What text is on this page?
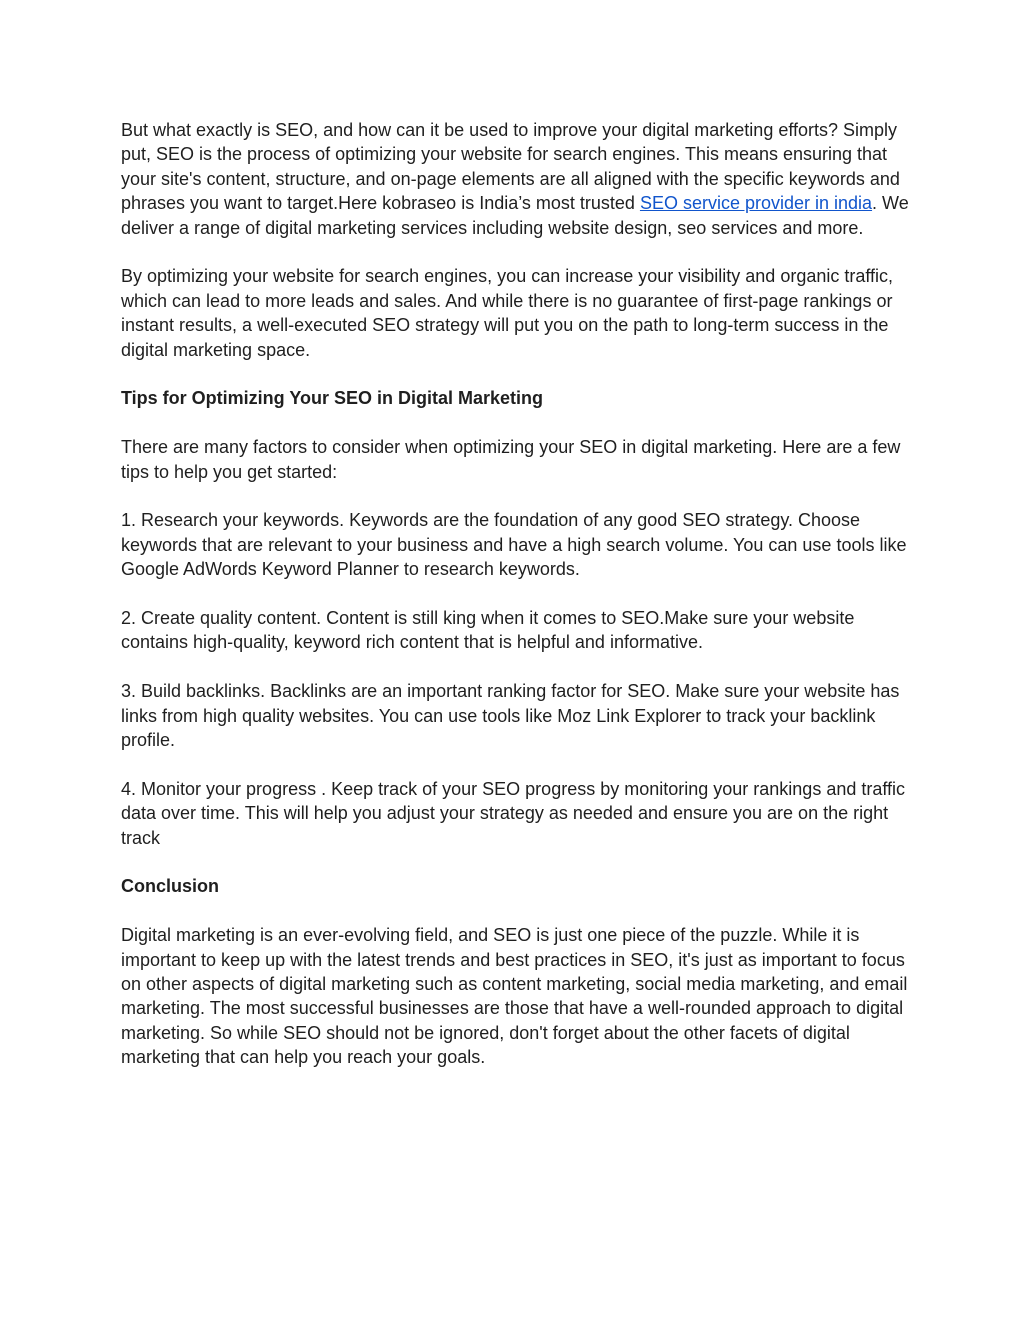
But what exactly is SEO, and how can it be used to improve your digital marketing efforts? Simply put, SEO is the process of optimizing your website for search engines. This means ensuring that your site's content, structure, and on-page elements are all aligned with the specific keywords and phrases you want to target.Here kobraseo is India’s most trusted SEO service provider in india. We deliver a range of digital marketing services including website design, seo services and more.

By optimizing your website for search engines, you can increase your visibility and organic traffic, which can lead to more leads and sales. And while there is no guarantee of first-page rankings or instant results, a well-executed SEO strategy will put you on the path to long-term success in the digital marketing space.

Tips for Optimizing Your SEO in Digital Marketing

There are many factors to consider when optimizing your SEO in digital marketing. Here are a few tips to help you get started:

1. Research your keywords. Keywords are the foundation of any good SEO strategy. Choose keywords that are relevant to your business and have a high search volume. You can use tools like Google AdWords Keyword Planner to research keywords.

2. Create quality content. Content is still king when it comes to SEO.Make sure your website contains high-quality, keyword rich content that is helpful and informative.

3. Build backlinks. Backlinks are an important ranking factor for SEO. Make sure your website has links from high quality websites. You can use tools like Moz Link Explorer to track your backlink profile.

4. Monitor your progress . Keep track of your SEO progress by monitoring your rankings and traffic data over time. This will help you adjust your strategy as needed and ensure you are on the right track

Conclusion

Digital marketing is an ever-evolving field, and SEO is just one piece of the puzzle. While it is important to keep up with the latest trends and best practices in SEO, it's just as important to focus on other aspects of digital marketing such as content marketing, social media marketing, and email marketing. The most successful businesses are those that have a well-rounded approach to digital marketing. So while SEO should not be ignored, don't forget about the other facets of digital marketing that can help you reach your goals.
